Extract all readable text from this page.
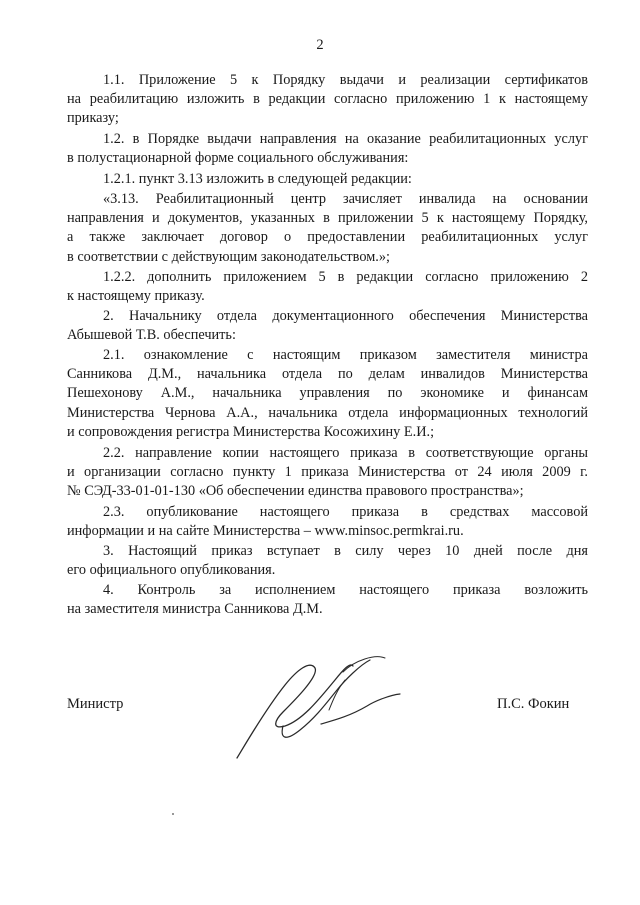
2
1.1. Приложение 5 к Порядку выдачи и реализации сертификатов
на реабилитацию изложить в редакции согласно приложению 1 к настоящему
приказу;
1.2. в Порядке выдачи направления на оказание реабилитационных услуг
в полустационарной форме социального обслуживания:
1.2.1. пункт 3.13 изложить в следующей редакции:
«3.13. Реабилитационный центр зачисляет инвалида на основании
направления и документов, указанных в приложении 5 к настоящему Порядку,
а также заключает договор о предоставлении реабилитационных услуг
в соответствии с действующим законодательством.»;
1.2.2. дополнить приложением 5 в редакции согласно приложению 2
к настоящему приказу.
2. Начальнику отдела документационного обеспечения Министерства
Абышевой Т.В. обеспечить:
2.1. ознакомление с настоящим приказом заместителя министра
Санникова Д.М., начальника отдела по делам инвалидов Министерства
Пешехонову А.М., начальника управления по экономике и финансам
Министерства Чернова А.А., начальника отдела информационных технологий
и сопровождения регистра Министерства Косожихину Е.И.;
2.2. направление копии настоящего приказа в соответствующие органы
и организации согласно пункту 1 приказа Министерства от 24 июля 2009 г.
№ СЭД-33-01-01-130 «Об обеспечении единства правового пространства»;
2.3. опубликование настоящего приказа в средствах массовой
информации и на сайте Министерства – www.minsoc.permkrai.ru.
3. Настоящий приказ вступает в силу через 10 дней после дня
его официального опубликования.
4. Контроль за исполнением настоящего приказа возложить
на заместителя министра Санникова Д.М.
Министр	П.С. Фокин
